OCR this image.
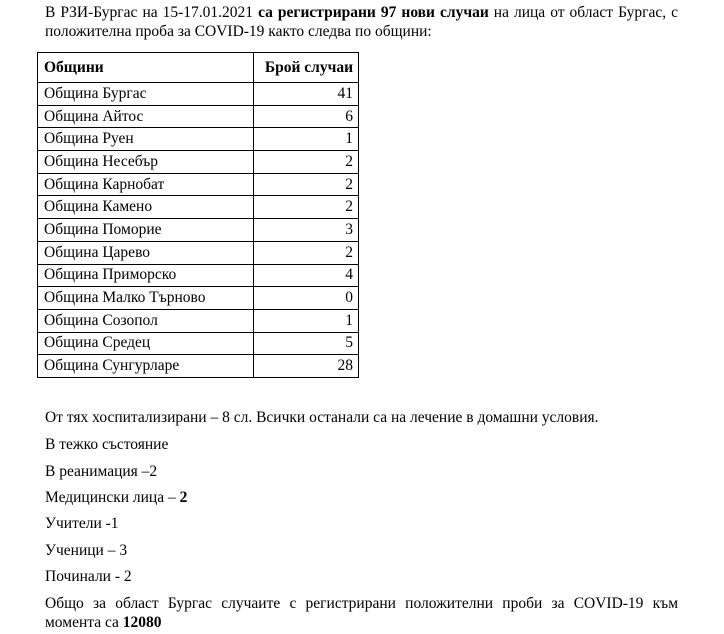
В РЗИ-Бургас на 15-17.01.2021 са регистрирани 97 нови случаи на лица от област Бургас, с положителна проба за COVID-19 както следва по общини:

Общини	Брой случаи
Община Бургас	41
Община Айтос	6
Община Руен	1
Община Несебър	2
Община Карнобат	2
Община Камено	2
Община Поморие	3
Община Царево	2
Община Приморско	4
Община Малко Търново	0
Община Созопол	1
Община Средец	5
Община Сунгурларе	28

От тях хоспитализирани – 8 сл. Всички останали са на лечение в домашни условия.

В тежко състояние

В реанимация –2

Медицински лица – 2

Учители -1

Ученици – 3

Починали - 2

Общо за област Бургас случаите с регистрирани положителни проби за COVID-19 към момента са 12080
